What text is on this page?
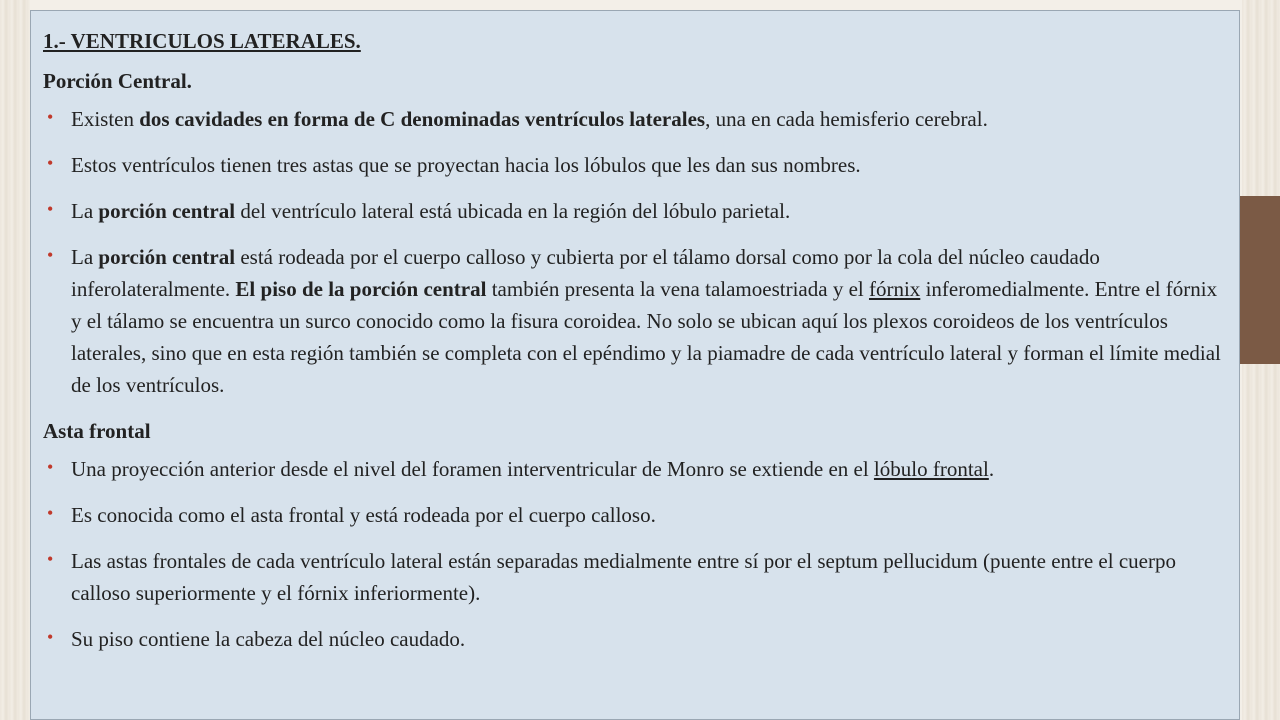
1.- VENTRICULOS LATERALES.
Porción Central.
• Existen dos cavidades en forma de C denominadas ventrículos laterales, una en cada hemisferio cerebral.
• Estos ventrículos tienen tres astas que se proyectan hacia los lóbulos que les dan sus nombres.
• La porción central del ventrículo lateral está ubicada en la región del lóbulo parietal.
• La porción central está rodeada por el cuerpo calloso y cubierta por el tálamo dorsal como por la cola del núcleo caudado inferolateralmente. El piso de la porción central también presenta la vena talamoestriada y el fórnix inferomedialmente. Entre el fórnix y el tálamo se encuentra un surco conocido como la fisura coroidea. No solo se ubican aquí los plexos coroideos de los ventrículos laterales, sino que en esta región también se completa con el epéndimo y la piamadre de cada ventrículo lateral y forman el límite medial de los ventrículos.
Asta frontal
• Una proyección anterior desde el nivel del foramen interventricular de Monro se extiende en el lóbulo frontal.
• Es conocida como el asta frontal y está rodeada por el cuerpo calloso.
• Las astas frontales de cada ventrículo lateral están separadas medialmente entre sí por el septum pellucidum (puente entre el cuerpo calloso superiormente y el fórnix inferiormente).
• Su piso contiene la cabeza del núcleo caudado.
